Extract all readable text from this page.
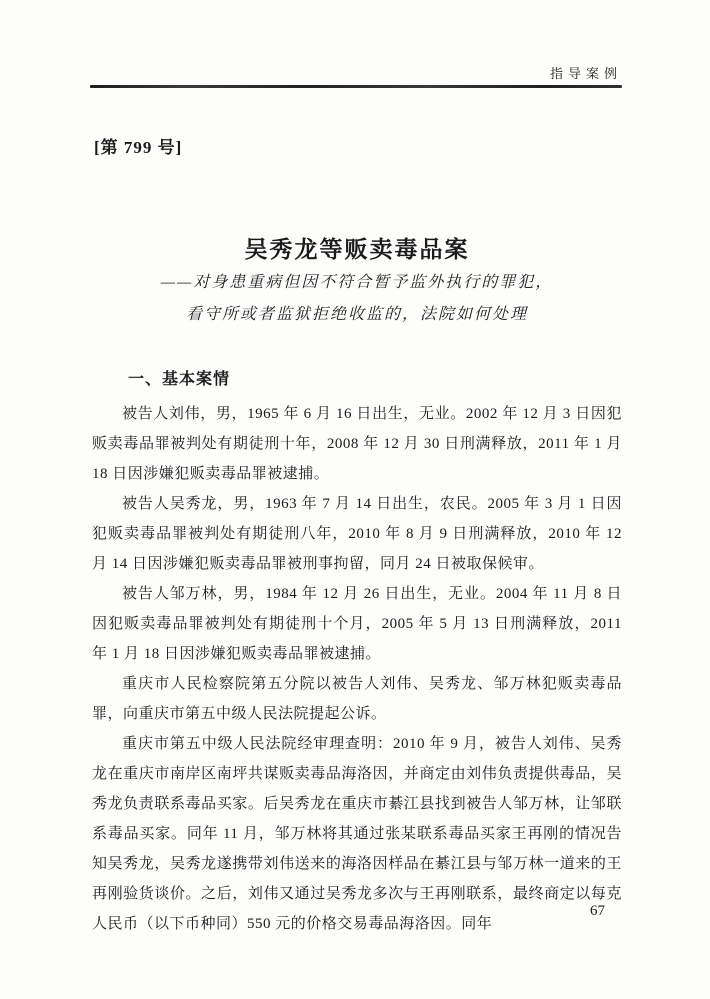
指导案例
[第 799 号]
吴秀龙等贩卖毒品案
——对身患重病但因不符合暂予监外执行的罪犯，
看守所或者监狱拒绝收监的，法院如何处理
一、基本案情

被告人刘伟，男，1965 年 6 月 16 日出生，无业。2002 年 12 月 3 日因犯贩卖毒品罪被判处有期徒刑十年，2008 年 12 月 30 日刑满释放，2011 年 1 月 18 日因涉嫌犯贩卖毒品罪被逮捕。

被告人吴秀龙，男，1963 年 7 月 14 日出生，农民。2005 年 3 月 1 日因犯贩卖毒品罪被判处有期徒刑八年，2010 年 8 月 9 日刑满释放，2010 年 12 月 14 日因涉嫌犯贩卖毒品罪被刑事拘留，同月 24 日被取保候审。

被告人邹万林，男，1984 年 12 月 26 日出生，无业。2004 年 11 月 8 日因犯贩卖毒品罪被判处有期徒刑十个月，2005 年 5 月 13 日刑满释放，2011 年 1 月 18 日因涉嫌犯贩卖毒品罪被逮捕。

重庆市人民检察院第五分院以被告人刘伟、吴秀龙、邹万林犯贩卖毒品罪，向重庆市第五中级人民法院提起公诉。

重庆市第五中级人民法院经审理查明：2010 年 9 月，被告人刘伟、吴秀龙在重庆市南岸区南坪共谋贩卖毒品海洛因，并商定由刘伟负责提供毒品，吴秀龙负责联系毒品买家。后吴秀龙在重庆市綦江县找到被告人邹万林，让邹联系毒品买家。同年 11 月，邹万林将其通过张某联系毒品买家王再刚的情况告知吴秀龙，吴秀龙遂携带刘伟送来的海洛因样品在綦江县与邹万林一道来的王再刚验货谈价。之后，刘伟又通过吴秀龙多次与王再刚联系，最终商定以每克人民币（以下币种同）550 元的价格交易毒品海洛因。同年

67
